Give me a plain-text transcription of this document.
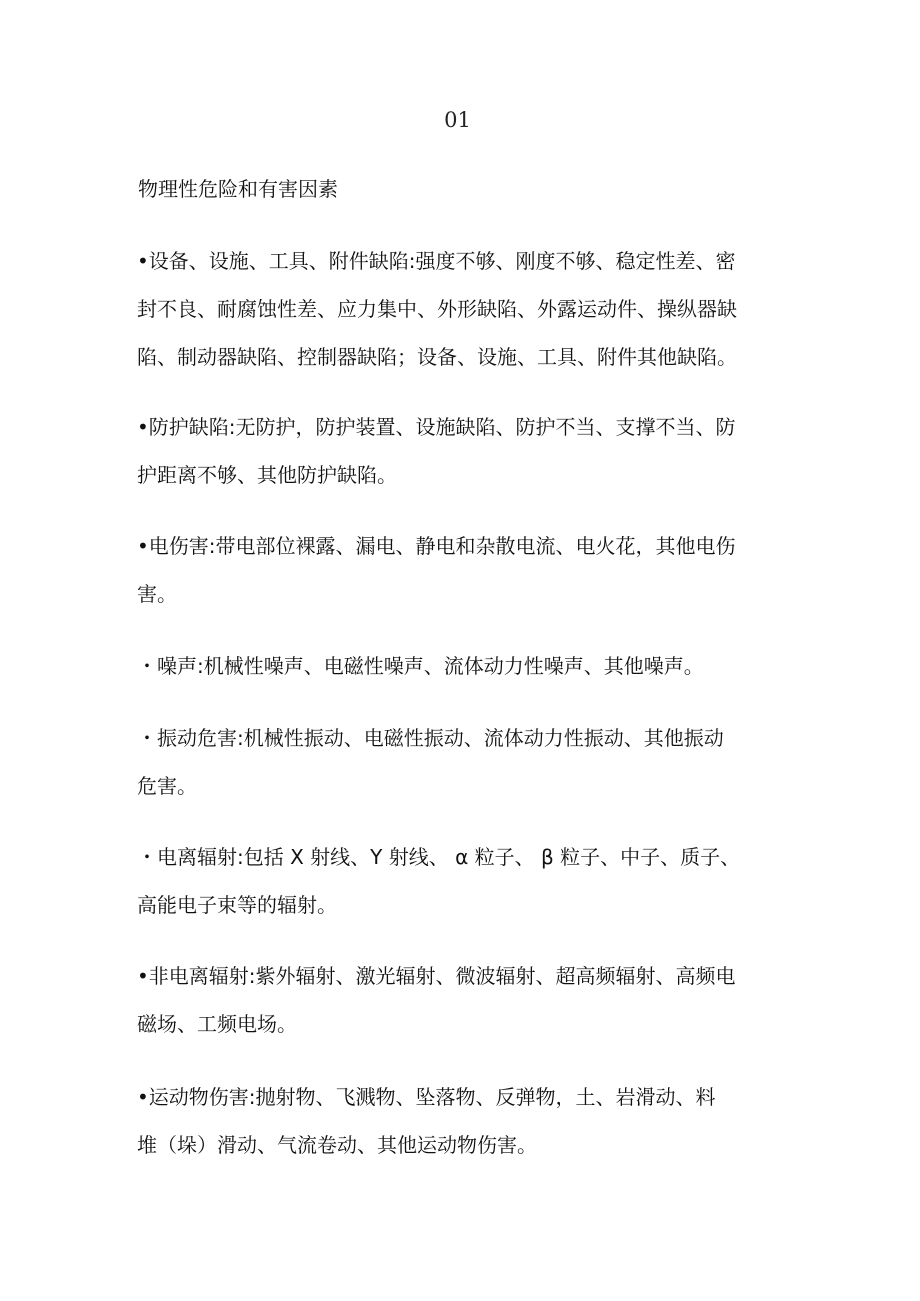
01
物理性危险和有害因素

•设备、设施、工具、附件缺陷:强度不够、刚度不够、稳定性差、密
封不良、耐腐蚀性差、应力集中、外形缺陷、外露运动件、操纵器缺
陷、制动器缺陷、控制器缺陷；设备、设施、工具、附件其他缺陷。

•防护缺陷:无防护，防护装置、设施缺陷、防护不当、支撑不当、防
护距离不够、其他防护缺陷。

•电伤害:带电部位裸露、漏电、静电和杂散电流、电火花，其他电伤
害。

・噪声:机械性噪声、电磁性噪声、流体动力性噪声、其他噪声。

・振动危害:机械性振动、电磁性振动、流体动力性振动、其他振动
危害。

・电离辐射:包括 X 射线、Y 射线、 α 粒子、 β 粒子、中子、质子、
高能电子束等的辐射。

•非电离辐射:紫外辐射、激光辐射、微波辐射、超高频辐射、高频电
磁场、工频电场。

•运动物伤害:抛射物、飞溅物、坠落物、反弹物，土、岩滑动、料
堆（垛）滑动、气流卷动、其他运动物伤害。
